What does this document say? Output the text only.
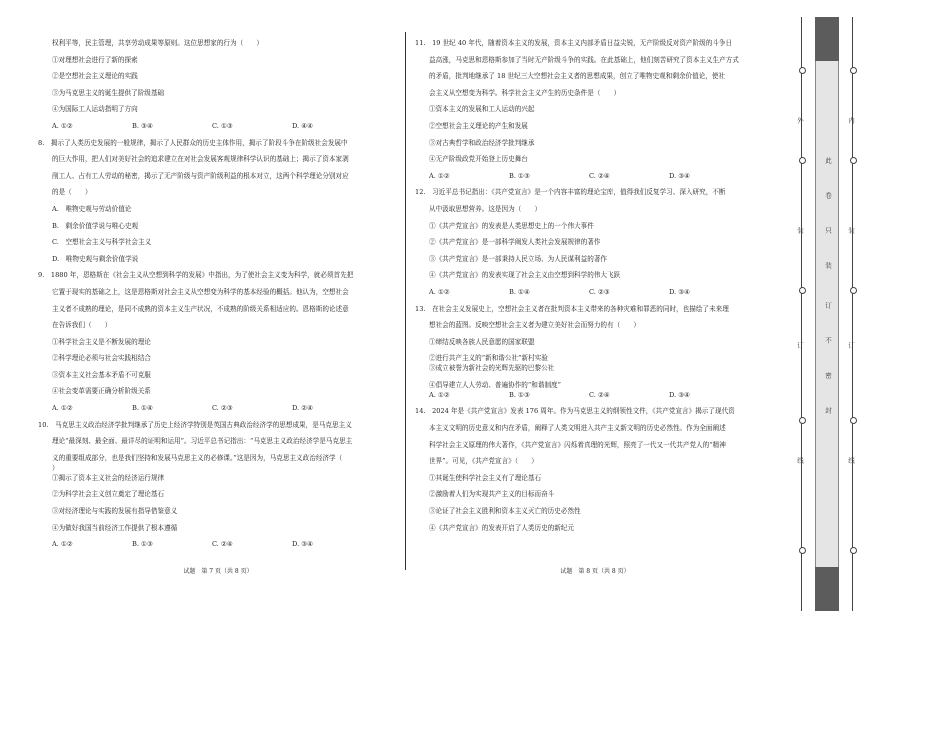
权利平等，民主管理，共享劳动成果等原则。这位思想家的行为（　　）
①对理想社会进行了新的探索
②是空想社会主义理论的实践
③为马克思主义的诞生提供了阶级基础
④为国际工人运动指明了方向
A. ①②	B. ③④	C. ①③	D. ④④
8.　揭示了人类历史发展的一般规律，揭示了人民群众的历史主体作用，揭示了阶段斗争在阶级社会发展中
的巨大作用，把人们对美好社会的追求建立在对社会发展客观规律科学认识的基础上；揭示了资本家剥
削工人、占有工人劳动的秘密，揭示了无产阶级与资产阶级利益的根本对立，这两个科学理论分别对应
的是（　　）
A.　唯物史观与劳动价值论
B.　剩余价值学说与唯心史观
C.　空想社会主义与科学社会主义
D.　唯物史观与剩余价值学说
9.　1880 年，恩格斯在《社会主义从空想到科学的发展》中指出，为了使社会主义变为科学，就必须首先把
它置于现实的基础之上，这是恩格斯对社会主义从空想变为科学的基本经验的概括。他认为，空想社会
主义者不成熟的理论，是同不成熟的资本主义生产状况，不成熟的阶级关系相适应的。恩格斯的论述意
在告诉我们（　　）
①科学社会主义是不断发展的理论
②科学理论必须与社会实践相结合
③资本主义社会基本矛盾不可克服
④社会变革需要正确分析阶级关系
A. ①②	B. ①④	C. ②③	D. ②④
10.　马克思主义政治经济学批判继承了历史上经济学特别是英国古典政治经济学的思想成果，是马克思主义
理论“最深刻、最全面、最详尽的证明和运用”。习近平总书记指出：“马克思主义政治经济学是马克思主
义的重要组成部分，也是我们坚持和发展马克思主义的必修课。”这是因为，马克思主义政治经济学（
）
①揭示了资本主义社会的经济运行规律
②为科学社会主义创立奠定了理论基石
③对经济理论与实践的发展有指导借鉴意义
④为做好我国当前经济工作提供了根本遵循
A. ①②	B. ①③	C. ②④	D. ③④
11.　19 世纪 40 年代，随着资本主义的发展，资本主义内部矛盾日益尖锐，无产阶级反对资产阶级的斗争日
益高涨，马克思和恩格斯参加了当时无产阶级斗争的实践。在此基础上，他们刻苦研究了资本主义生产方式
的矛盾，批判地继承了 18 世纪三大空想社会主义者的思想成果，创立了唯物史观和剩余价值论，使社
会主义从空想变为科学。科学社会主义产生的历史条件是（　　）
①资本主义的发展和工人运动的兴起
②空想社会主义理论的产生和发展
③对古典哲学和政治经济学批判继承
④无产阶级政党开始登上历史舞台
A. ①②	B. ①③	C. ②④	D. ③④
12.　习近平总书记指出：《共产党宣言》是一个内容丰富的理论宝库，值得我们反复学习、深入研究，不断
从中汲取思想营养。这是因为（　　）
①《共产党宣言》的发表是人类思想史上的一个伟大事件
②《共产党宣言》是一部科学阐发人类社会发展规律的著作
③《共产党宣言》是一部秉持人民立场、为人民谋利益的著作
④《共产党宣言》的发表实现了社会主义由空想到科学的伟大飞跃
A. ①②	B. ①④	C. ②③	D. ③④
13.　在社会主义发展史上，空想社会主义者在批判资本主义带来的各种灾难和罪恶的同时，也描绘了未来理
想社会的蓝图。反映空想社会主义者为建立美好社会而努力的有（　　）
①缔结反映各族人民意愿的国家联盟
②进行共产主义的“新和谐公社”新村实验
③成立被誉为新社会的光辉先驱的巴黎公社
④倡导建立人人劳动、普遍协作的“和谐制度”
A. ①②	B. ①③	C. ②④	D. ③④
14.　2024 年是《共产党宣言》发表 176 周年。作为马克思主义的纲领性文件，《共产党宣言》揭示了现代资
本主义文明的历史意义和内在矛盾，阐释了人类文明进入共产主义新文明的历史必然性。作为全面阐述
科学社会主义原理的伟大著作，《共产党宣言》闪烁着真理的光辉，照亮了一代又一代共产党人的“精神
世界”。可见，《共产党宣言》（　　）
①其诞生使科学社会主义有了理论基石
②激励着人们为实现共产主义的目标而奋斗
③论证了社会主义胜利和资本主义灭亡的历史必然性
④《共产党宣言》的发表开启了人类历史的新纪元
试题　第 7 页（共 8 页）	试题　第 8 页（共 8 页）
外
装
订
线
此
卷
只
装
订
不
密
封
内
装
订
线
